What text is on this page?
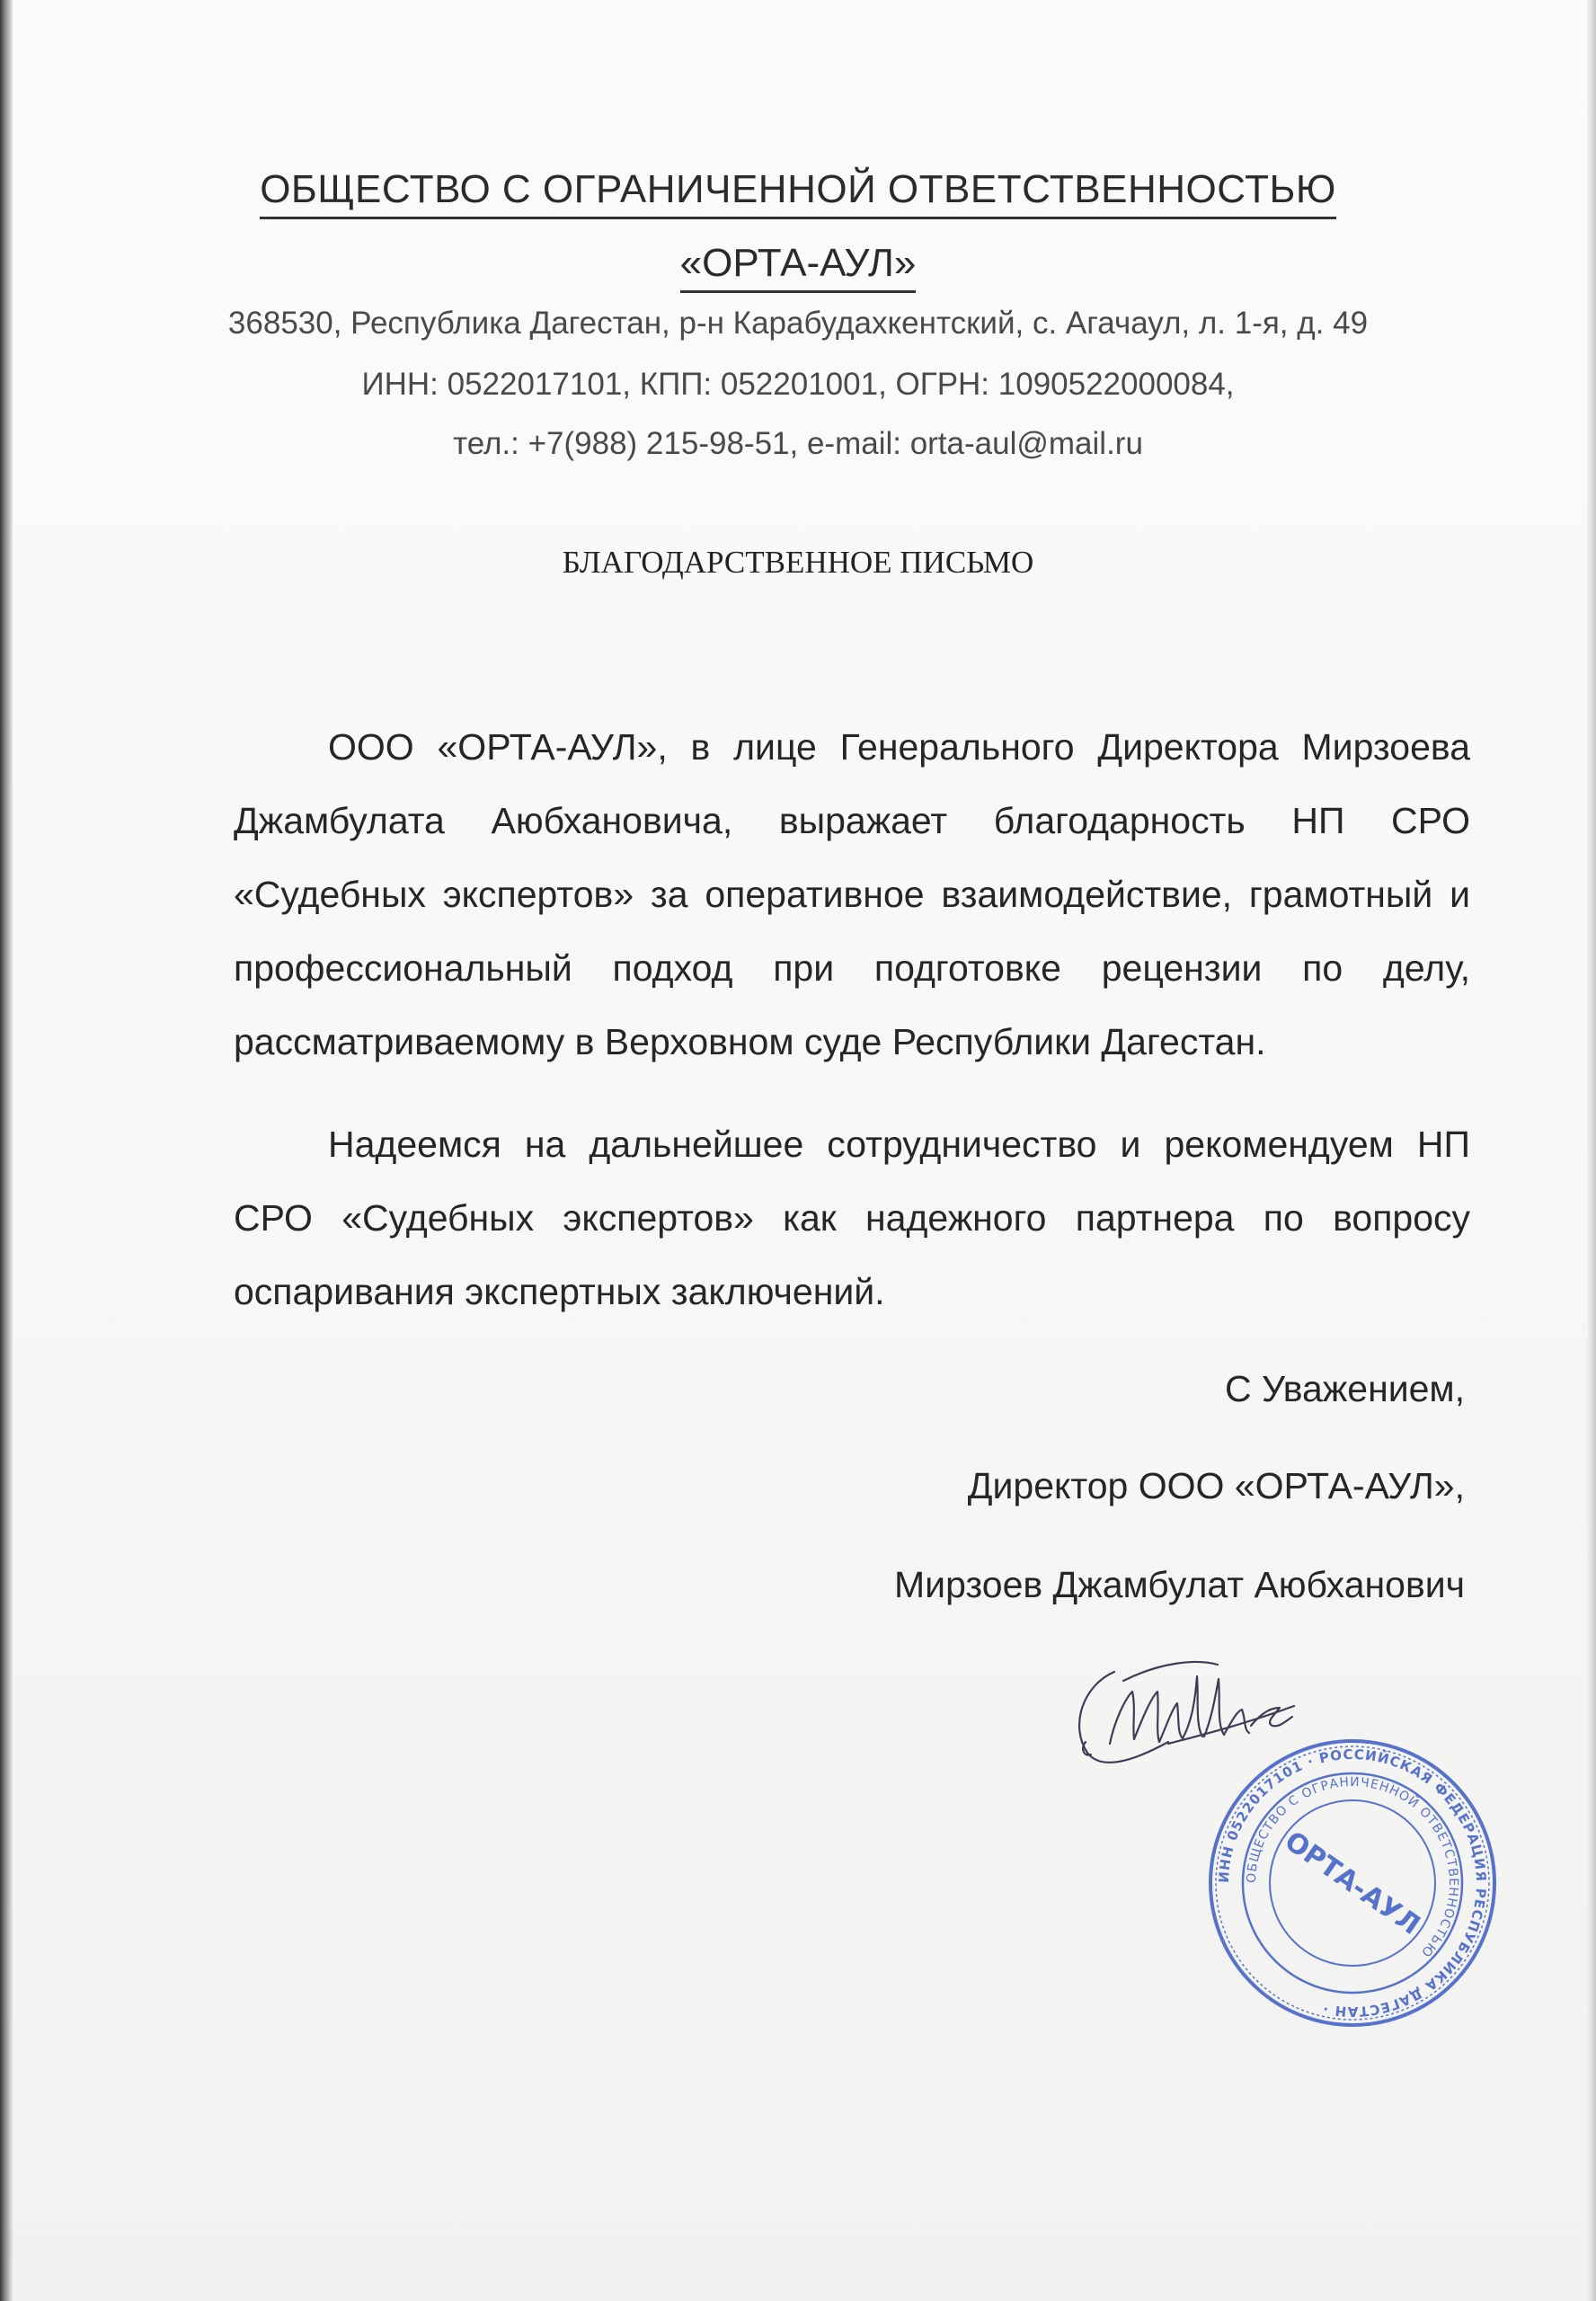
ОБЩЕСТВО С ОГРАНИЧЕННОЙ ОТВЕТСТВЕННОСТЬЮ
«ОРТА-АУЛ»
368530, Республика Дагестан, р-н Карабудахкентский, с. Агачаул, л. 1-я, д. 49
ИНН: 0522017101, КПП: 052201001, ОГРН: 1090522000084,
тел.: +7(988) 215-98-51, e-mail: orta-aul@mail.ru
БЛАГОДАРСТВЕННОЕ ПИСЬМО
ООО «ОРТА-АУЛ», в лице Генерального Директора Мирзоева Джамбулата Аюбхановича, выражает благодарность НП СРО «Судебных экспертов» за оперативное взаимодействие, грамотный и профессиональный подход при подготовке рецензии по делу, рассматриваемому в Верховном суде Республики Дагестан.
Надеемся на дальнейшее сотрудничество и рекомендуем НП СРО «Судебных экспертов» как надежного партнера по вопросу оспаривания экспертных заключений.
С Уважением,
Директор ООО «ОРТА-АУЛ»,
Мирзоев Джамбулат Аюбханович
ИНН 0522017101 · РОССИЙСКАЯ ФЕДЕРАЦИЯ РЕСПУБЛИКА ДАГЕСТАН ·
ОБЩЕСТВО С ОГРАНИЧЕННОЙ ОТВЕТСТВЕННОСТЬЮ
ОРТА-АУЛ
